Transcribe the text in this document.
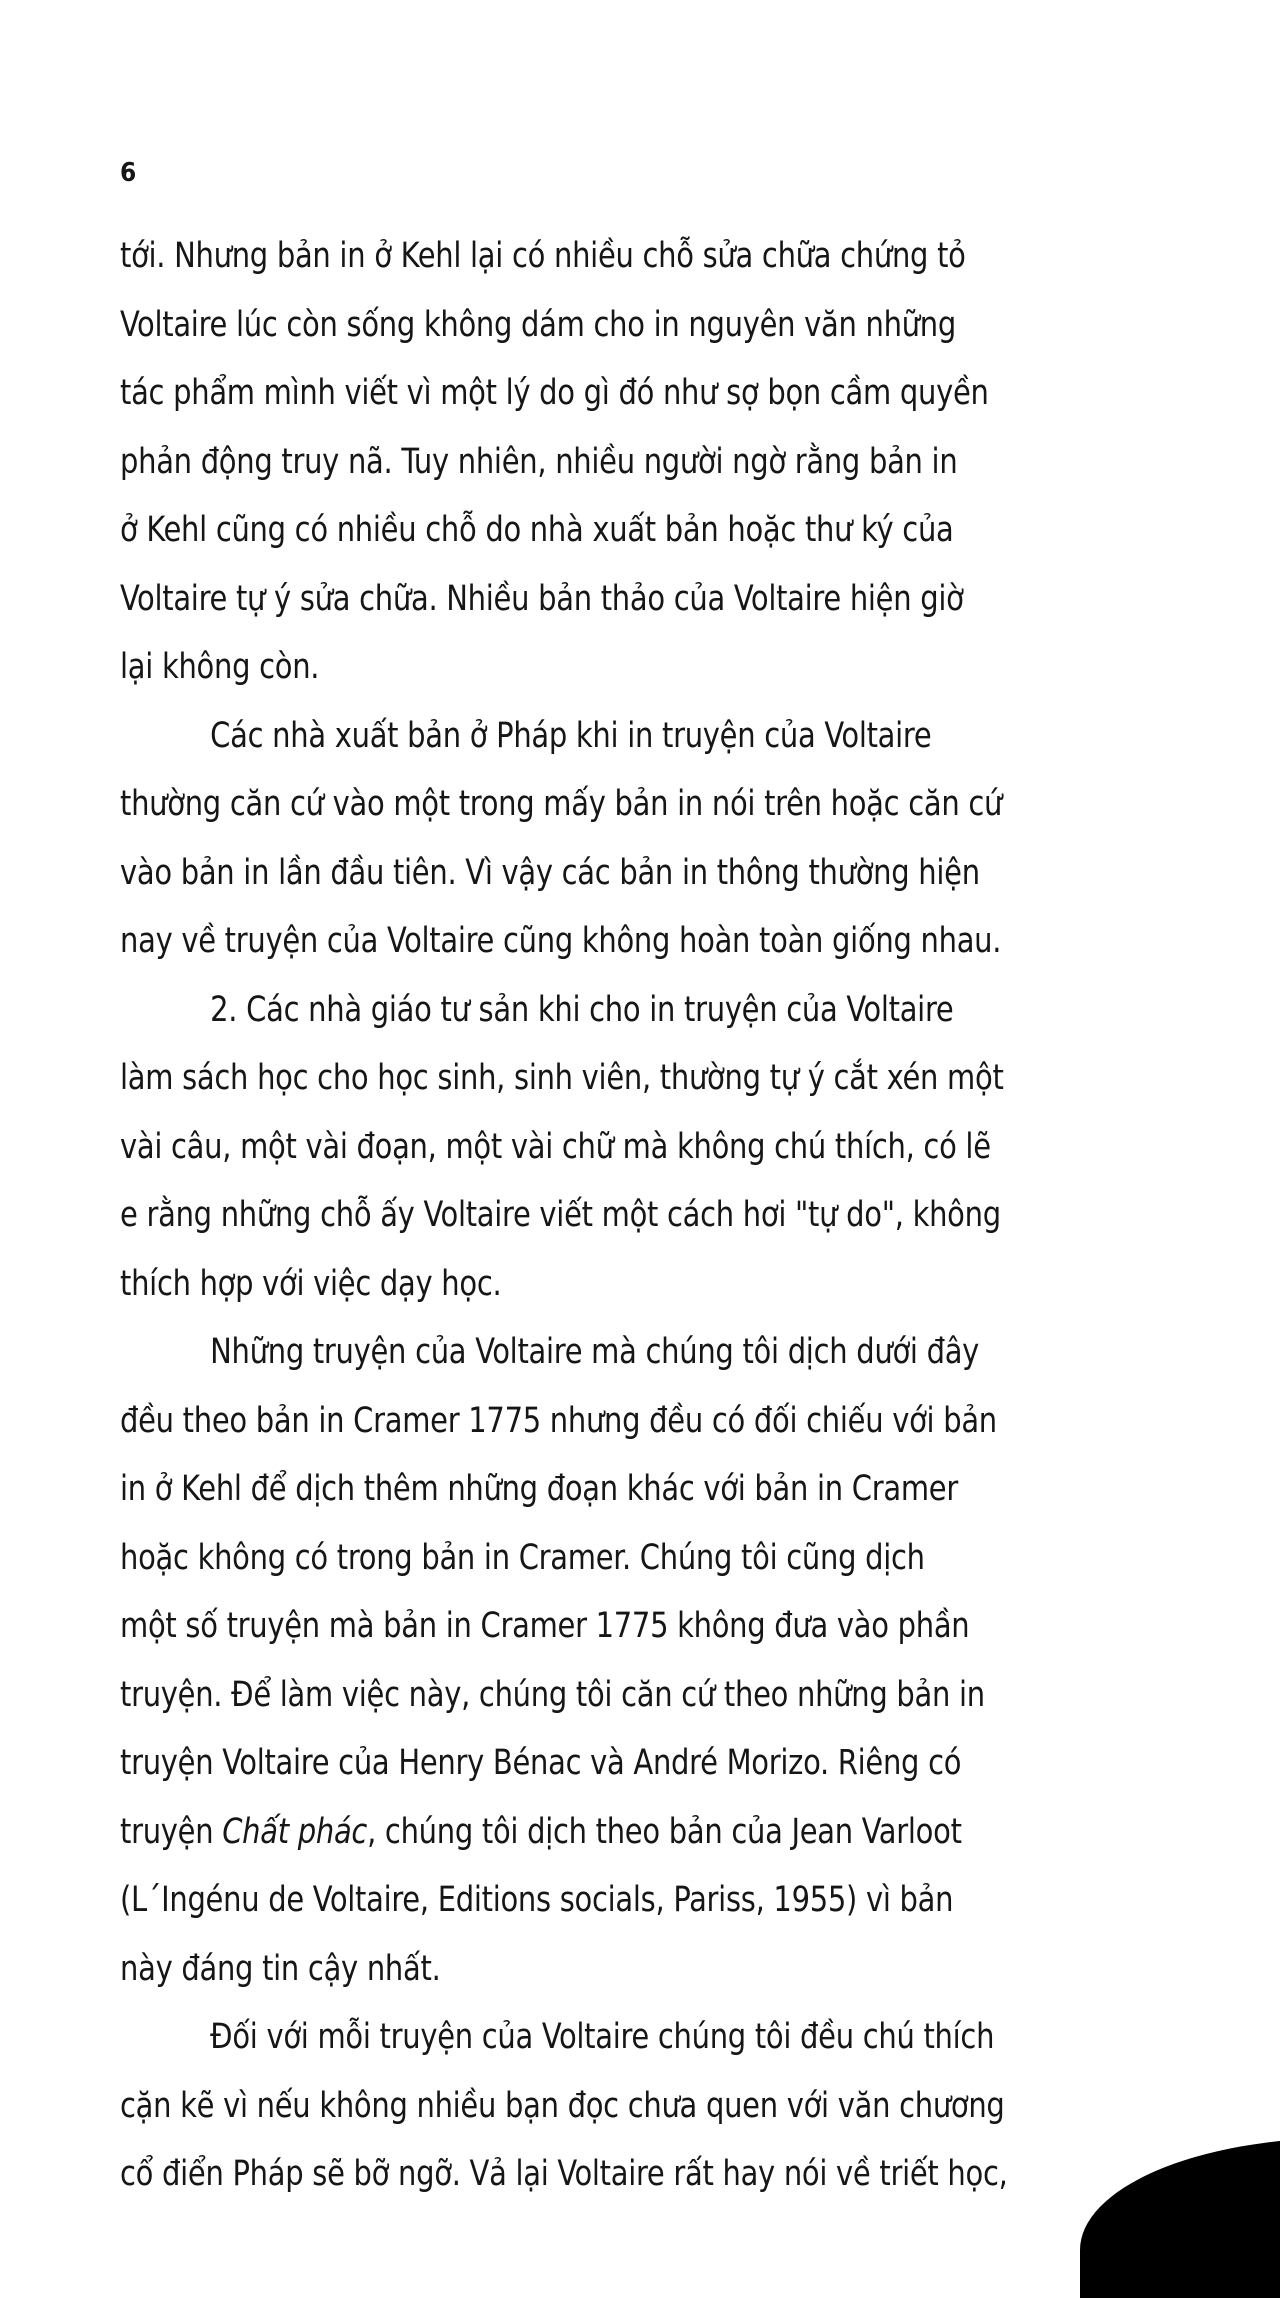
6
tới. Nhưng bản in ở Kehl lại có nhiều chỗ sửa chữa chứng tỏ
Voltaire lúc còn sống không dám cho in nguyên văn những
tác phẩm mình viết vì một lý do gì đó như sợ bọn cầm quyền
phản động truy nã. Tuy nhiên, nhiều người ngờ rằng bản in
ở Kehl cũng có nhiều chỗ do nhà xuất bản hoặc thư ký của
Voltaire tự ý sửa chữa. Nhiều bản thảo của Voltaire hiện giờ
lại không còn.
Các nhà xuất bản ở Pháp khi in truyện của Voltaire
thường căn cứ vào một trong mấy bản in nói trên hoặc căn cứ
vào bản in lần đầu tiên. Vì vậy các bản in thông thường hiện
nay về truyện của Voltaire cũng không hoàn toàn giống nhau.
2. Các nhà giáo tư sản khi cho in truyện của Voltaire
làm sách học cho học sinh, sinh viên, thường tự ý cắt xén một
vài câu, một vài đoạn, một vài chữ mà không chú thích, có lẽ
e rằng những chỗ ấy Voltaire viết một cách hơi "tự do", không
thích hợp với việc dạy học.
Những truyện của Voltaire mà chúng tôi dịch dưới đây
đều theo bản in Cramer 1775 nhưng đều có đối chiếu với bản
in ở Kehl để dịch thêm những đoạn khác với bản in Cramer
hoặc không có trong bản in Cramer. Chúng tôi cũng dịch
một số truyện mà bản in Cramer 1775 không đưa vào phần
truyện. Để làm việc này, chúng tôi căn cứ theo những bản in
truyện Voltaire của Henry Bénac và André Morizo. Riêng có
truyện Chất phác, chúng tôi dịch theo bản của Jean Varloot
(L´Ingénu de Voltaire, Editions socials, Pariss, 1955) vì bản
này đáng tin cậy nhất.
Đối với mỗi truyện của Voltaire chúng tôi đều chú thích
cặn kẽ vì nếu không nhiều bạn đọc chưa quen với văn chương
cổ điển Pháp sẽ bỡ ngỡ. Vả lại Voltaire rất hay nói về triết học,
